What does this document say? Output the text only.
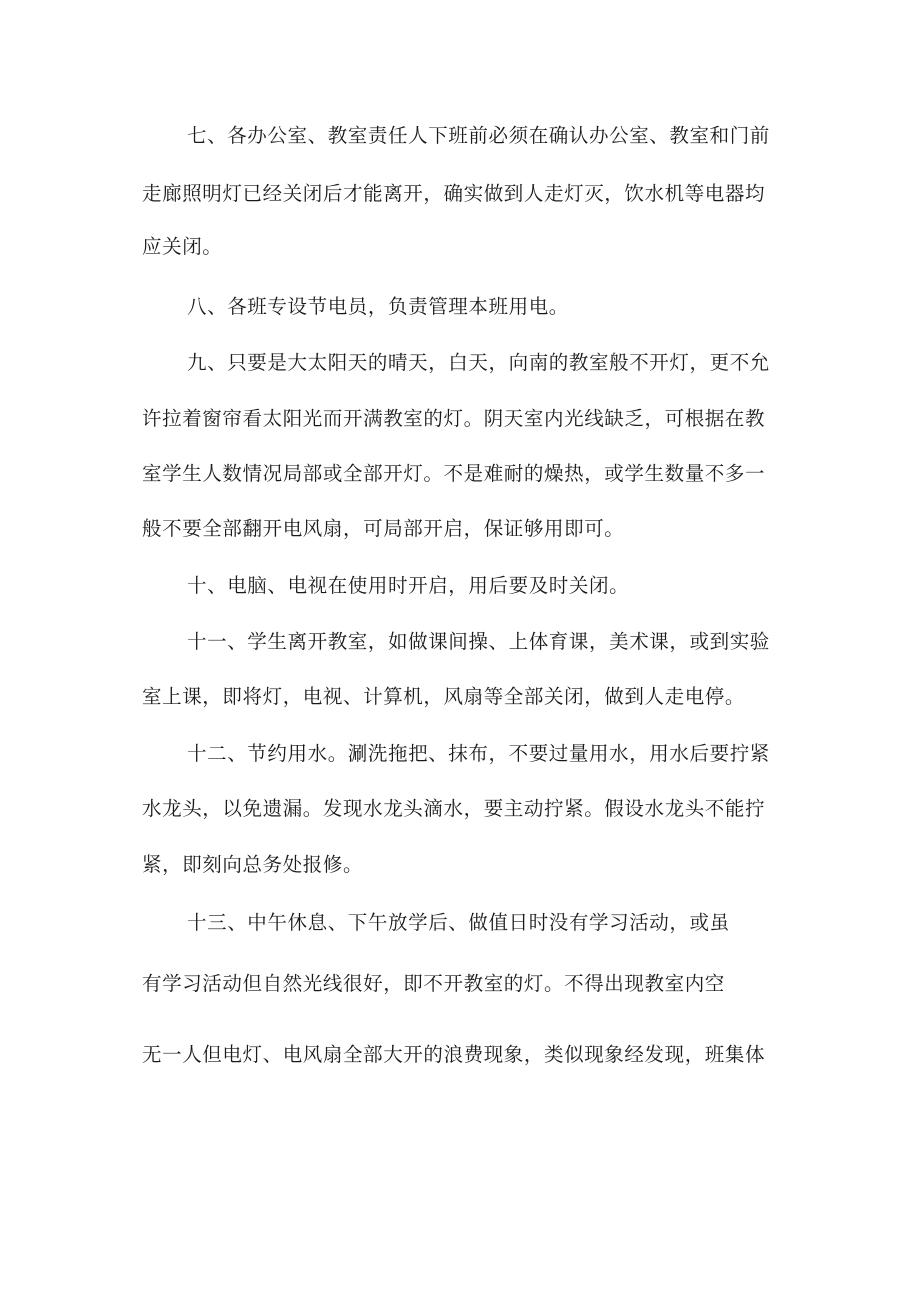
七、各办公室、教室责任人下班前必须在确认办公室、教室和门前
走廊照明灯已经关闭后才能离开，确实做到人走灯灭，饮水机等电器均
应关闭。
八、各班专设节电员，负责管理本班用电。
九、只要是大太阳天的晴天，白天，向南的教室般不开灯，更不允
许拉着窗帘看太阳光而开满教室的灯。阴天室内光线缺乏，可根据在教
室学生人数情况局部或全部开灯。不是难耐的燥热，或学生数量不多一
般不要全部翻开电风扇，可局部开启，保证够用即可。
十、电脑、电视在使用时开启，用后要及时关闭。
十一、学生离开教室，如做课间操、上体育课，美术课，或到实验
室上课，即将灯，电视、计算机，风扇等全部关闭，做到人走电停。
十二、节约用水。涮洗拖把、抹布，不要过量用水，用水后要拧紧
水龙头，以免遗漏。发现水龙头滴水，要主动拧紧。假设水龙头不能拧
紧，即刻向总务处报修。
十三、中午休息、下午放学后、做值日时没有学习活动，或虽
有学习活动但自然光线很好，即不开教室的灯。不得出现教室内空
无一人但电灯、电风扇全部大开的浪费现象，类似现象经发现，班集体
